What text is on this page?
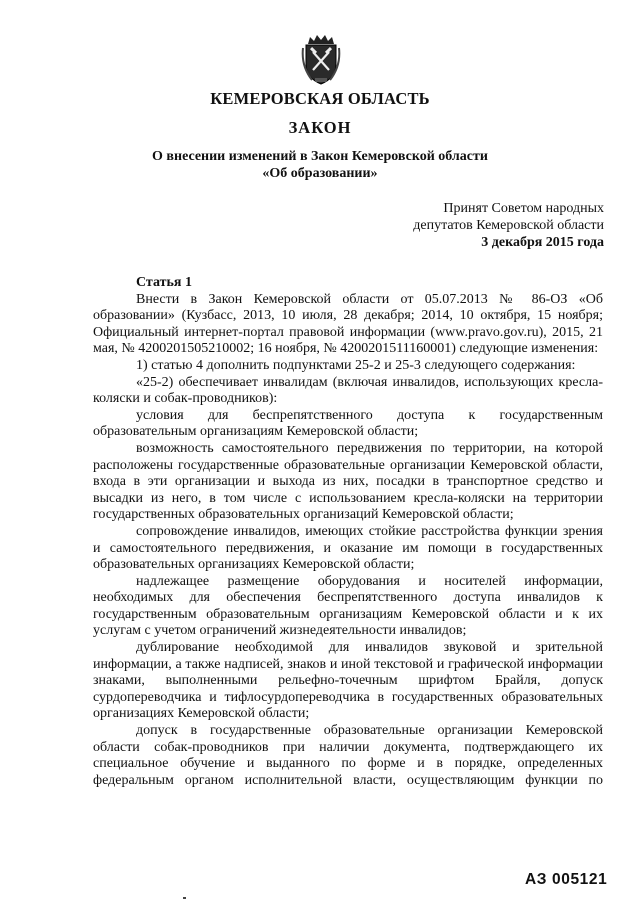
КЕМЕРОВСКАЯ ОБЛАСТЬ
ЗАКОН
О внесении изменений в Закон Кемеровской области
«Об образовании»
Принят Советом народных
депутатов Кемеровской области
3 декабря 2015 года
Статья 1
Внести в Закон Кемеровской области от 05.07.2013 № 86-ОЗ «Об образовании» (Кузбасс, 2013, 10 июля, 28 декабря; 2014, 10 октября, 15 ноября; Официальный интернет-портал правовой информации (www.pravo.gov.ru), 2015, 21 мая, № 4200201505210002; 16 ноября, № 4200201511160001) следующие изменения:
1) статью 4 дополнить подпунктами 25-2 и 25-3 следующего содержания:
«25-2) обеспечивает инвалидам (включая инвалидов, использующих кресла-коляски и собак-проводников):
условия для беспрепятственного доступа к государственным образовательным организациям Кемеровской области;
возможность самостоятельного передвижения по территории, на которой расположены государственные образовательные организации Кемеровской области, входа в эти организации и выхода из них, посадки в транспортное средство и высадки из него, в том числе с использованием кресла-коляски на территории государственных образовательных организаций Кемеровской области;
сопровождение инвалидов, имеющих стойкие расстройства функции зрения и самостоятельного передвижения, и оказание им помощи в государственных образовательных организациях Кемеровской области;
надлежащее размещение оборудования и носителей информации, необходимых для обеспечения беспрепятственного доступа инвалидов к государственным образовательным организациям Кемеровской области и к их услугам с учетом ограничений жизнедеятельности инвалидов;
дублирование необходимой для инвалидов звуковой и зрительной информации, а также надписей, знаков и иной текстовой и графической информации знаками, выполненными рельефно-точечным шрифтом Брайля, допуск сурдопереводчика и тифлосурдопереводчика в государственных образовательных организациях Кемеровской области;
допуск в государственные образовательные организации Кемеровской области собак-проводников при наличии документа, подтверждающего их специальное обучение и выданного по форме и в порядке, определенных федеральным органом исполнительной власти, осуществляющим функции по
АЗ 005121
